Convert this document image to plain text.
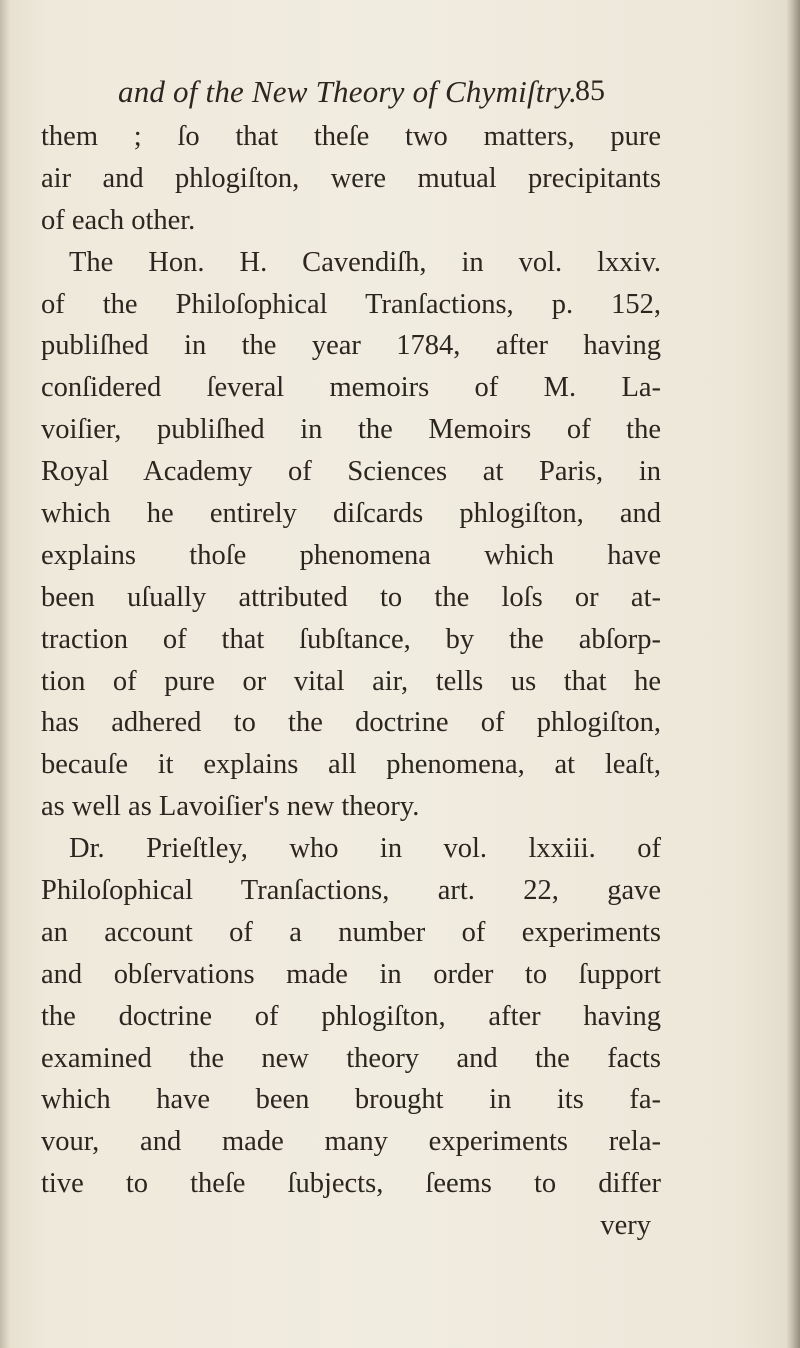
and of the New Theory of Chymiſtry.
85
them ; ſo that theſe two matters, pure
air and phlogiſton, were mutual precipitants
of each other.
The Hon. H. Cavendiſh, in vol. lxxiv.
of the Philoſophical Tranſactions, p. 152,
publiſhed in the year 1784, after having
conſidered ſeveral memoirs of M. La-
voiſier, publiſhed in the Memoirs of the
Royal Academy of Sciences at Paris, in
which he entirely diſcards phlogiſton, and
explains thoſe phenomena which have
been uſually attributed to the loſs or at-
traction of that ſubſtance, by the abſorp-
tion of pure or vital air, tells us that he
has adhered to the doctrine of phlogiſton,
becauſe it explains all phenomena, at leaſt,
as well as Lavoiſier's new theory.
Dr. Prieſtley, who in vol. lxxiii. of
Philoſophical Tranſactions, art. 22, gave
an account of a number of experiments
and obſervations made in order to ſupport
the doctrine of phlogiſton, after having
examined the new theory and the facts
which have been brought in its fa-
vour, and made many experiments rela-
tive to theſe ſubjects, ſeems to differ
very
